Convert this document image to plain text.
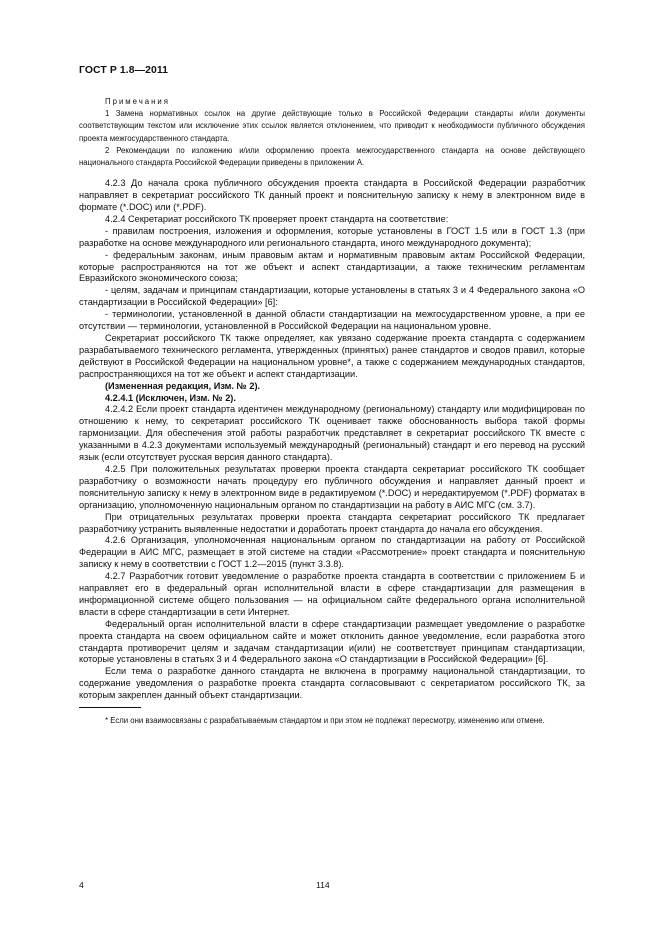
ГОСТ Р 1.8—2011

Примечания

1 Замена нормативных ссылок на другие действующие только в Российской Федерации стандарты и/или документы соответствующим текстом или исключение этих ссылок является отклонением, что приводит к необходимости публичного обсуждения проекта межгосударственного стандарта.

2 Рекомендации по изложению и/или оформлению проекта межгосударственного стандарта на основе действующего национального стандарта Российской Федерации приведены в приложении А.

4.2.3 До начала срока публичного обсуждения проекта стандарта в Российской Федерации разработчик направляет в секретариат российского ТК данный проект и пояснительную записку к нему в электронном виде в формате (*.DOC) или (*.PDF).

4.2.4 Секретариат российского ТК проверяет проект стандарта на соответствие:

- правилам построения, изложения и оформления, которые установлены в ГОСТ 1.5 или в ГОСТ 1.3 (при разработке на основе международного или регионального стандарта, иного международного документа);

- федеральным законам, иным правовым актам и нормативным правовым актам Российской Федерации, которые распространяются на тот же объект и аспект стандартизации, а также техническим регламентам Евразийского экономического союза;

- целям, задачам и принципам стандартизации, которые установлены в статьях 3 и 4 Федерального закона «О стандартизации в Российской Федерации» [6]:

- терминологии, установленной в данной области стандартизации на межгосударственном уровне, а при ее отсутствии — терминологии, установленной в Российской Федерации на национальном уровне.

Секретариат российского ТК также определяет, как увязано содержание проекта стандарта с содержанием разрабатываемого технического регламента, утвержденных (принятых) ранее стандартов и сводов правил, которые действуют в Российской Федерации на национальном уровне*, а также с содержанием международных стандартов, распространяющихся на тот же объект и аспект стандартизации.

(Измененная редакция, Изм. № 2).

4.2.4.1 (Исключен, Изм. № 2).

4.2.4.2 Если проект стандарта идентичен международному (региональному) стандарту или модифицирован по отношению к нему, то секретариат российского ТК оценивает также обоснованность выбора такой формы гармонизации. Для обеспечения этой работы разработчик представляет в секретариат российского ТК вместе с указанными в 4.2.3 документами используемый международный (региональный) стандарт и его перевод на русский язык (если отсутствует русская версия данного стандарта).

4.2.5 При положительных результатах проверки проекта стандарта секретариат российского ТК сообщает разработчику о возможности начать процедуру его публичного обсуждения и направляет данный проект и пояснительную записку к нему в электронном виде в редактируемом (*.DOC) и нередактируемом (*.PDF) форматах в организацию, уполномоченную национальным органом по стандартизации на работу в АИС МГС (см. 3.7).

При отрицательных результатах проверки проекта стандарта секретариат российского ТК предлагает разработчику устранить выявленные недостатки и доработать проект стандарта до начала его обсуждения.

4.2.6 Организация, уполномоченная национальным органом по стандартизации на работу от Российской Федерации в АИС МГС, размещает в этой системе на стадии «Рассмотрение» проект стандарта и пояснительную записку к нему в соответствии с ГОСТ 1.2—2015 (пункт 3.3.8).

4.2.7 Разработчик готовит уведомление о разработке проекта стандарта в соответствии с приложением Б и направляет его в федеральный орган исполнительной власти в сфере стандартизации для размещения в информационной системе общего пользования — на официальном сайте федерального органа исполнительной власти в сфере стандартизации в сети Интернет.

Федеральный орган исполнительной власти в сфере стандартизации размещает уведомление о разработке проекта стандарта на своем официальном сайте и может отклонить данное уведомление, если разработка этого стандарта противоречит целям и задачам стандартизации и(или) не соответствует принципам стандартизации, которые установлены в статьях 3 и 4 Федерального закона «О стандартизации в Российской Федерации» [6].

Если тема о разработке данного стандарта не включена в программу национальной стандартизации, то содержание уведомления о разработке проекта стандарта согласовывают с секретариатом российского ТК, за которым закреплен данный объект стандартизации.

* Если они взаимосвязаны с разрабатываемым стандартом и при этом не подлежат пересмотру, изменению или отмене.

4	114
